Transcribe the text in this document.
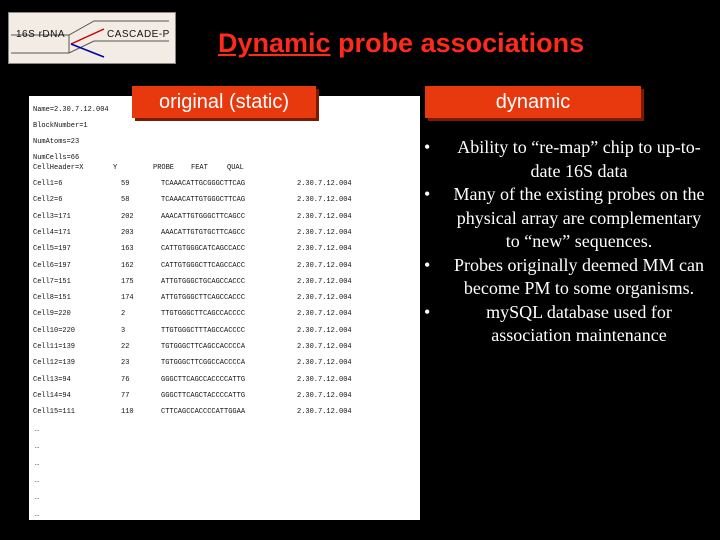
16S rDNA	CASCADE-P Dynamic probe associations
Name=2.30.7.12.004
BlockNumber=1
NumAtoms=23
NumCells=66
CellHeader=X	Y	PROBE FEAT	QUAL
Cell1=6	59	TCAAACATTGCGGGCTTCAG	2.30.7.12.004
Cell2=6	58	TCAAACATTGTGGGCTTCAG	2.30.7.12.004
Cell3=171	202	AAACATTGTGGGCTTCAGCC	2.30.7.12.004
Cell4=171	203	AAACATTGTGTGCTTCAGCC	2.30.7.12.004
Cell5=197	163	CATTGTGGGCATCAGCCACC	2.30.7.12.004
Cell6=197	162	CATTGTGGGCTTCAGCCACC	2.30.7.12.004
Cell7=151	175	ATTGTGGGCTGCAGCCACCC	2.30.7.12.004
Cell8=151	174	ATTGTGGGCTTCAGCCACCC	2.30.7.12.004
Cell9=220	2	TTGTGGGCTTCAGCCACCCC	2.30.7.12.004
Cell10=220	3	TTGTGGGCTTTAGCCACCCC	2.30.7.12.004
Cell11=139	22	TGTGGGCTTCAGCCACCCCA	2.30.7.12.004
Cell12=139	23	TGTGGGCTTCGGCCACCCCA	2.30.7.12.004
Cell13=94	76	GGGCTTCAGCCACCCCATTG	2.30.7.12.004
Cell14=94	77	GGGCTTCAGCTACCCCATTG	2.30.7.12.004
Cell15=111	110	CTTCAGCCACCCCATTGGAA	2.30.7.12.004
…
…
…
…
…
…
original (static)	dynamic
•	Ability to “re-map” chip to up-to-date 16S data
•	Many of the existing probes on the physical array are complementary to “new” sequences.
•	Probes originally deemed MM can become PM to some organisms.
•	mySQL database used for association maintenance
